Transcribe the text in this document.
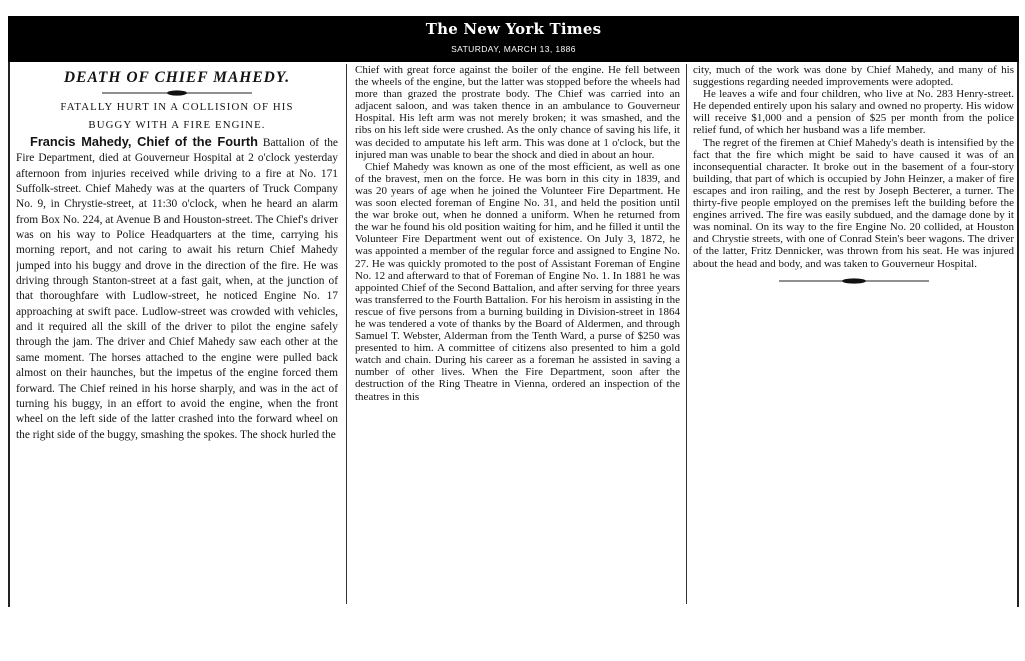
The New York Times
SATURDAY, MARCH 13, 1886
DEATH OF CHIEF MAHEDY.
FATALLY HURT IN A COLLISION OF HIS
BUGGY WITH A FIRE ENGINE.

Francis Mahedy, Chief of the Fourth Battalion of the Fire Department, died at Gouverneur Hospital at 2 o'clock yesterday afternoon from injuries received while driving to a fire at No. 171 Suffolk-street. Chief Mahedy was at the quarters of Truck Company No. 9, in Chrystie-street, at 11:30 o'clock, when he heard an alarm from Box No. 224, at Avenue B and Houston-street. The Chief's driver was on his way to Police Headquarters at the time, carrying his morning report, and not caring to await his return Chief Mahedy jumped into his buggy and drove in the direction of the fire. He was driving through Stanton-street at a fast gait, when, at the junction of that thoroughfare with Ludlow-street, he noticed Engine No. 17 approaching at swift pace. Ludlow-street was crowded with vehicles, and it required all the skill of the driver to pilot the engine safely through the jam. The driver and Chief Mahedy saw each other at the same moment. The horses attached to the engine were pulled back almost on their haunches, but the impetus of the engine forced them forward. The Chief reined in his horse sharply, and was in the act of turning his buggy, in an effort to avoid the engine, when the front wheel on the left side of the latter crashed into the forward wheel on the right side of the buggy, smashing the spokes. The shock hurled the

Chief with great force against the boiler of the engine. He fell between the wheels of the engine, but the latter was stopped before the wheels had more than grazed the prostrate body. The Chief was carried into an adjacent saloon, and was taken thence in an ambulance to Gouverneur Hospital. His left arm was not merely broken; it was smashed, and the ribs on his left side were crushed. As the only chance of saving his life, it was decided to amputate his left arm. This was done at 1 o'clock, but the injured man was unable to bear the shock and died in about an hour.

Chief Mahedy was known as one of the most efficient, as well as one of the bravest, men on the force. He was born in this city in 1839, and was 20 years of age when he joined the Volunteer Fire Department. He was soon elected foreman of Engine No. 31, and held the position until the war broke out, when he donned a uniform. When he returned from the war he found his old position waiting for him, and he filled it until the Volunteer Fire Department went out of existence. On July 3, 1872, he was appointed a member of the regular force and assigned to Engine No. 27. He was quickly promoted to the post of Assistant Foreman of Engine No. 12 and afterward to that of Foreman of Engine No. 1. In 1881 he was appointed Chief of the Second Battalion, and after serving for three years was transferred to the Fourth Battalion. For his heroism in assisting in the rescue of five persons from a burning building in Division-street in 1864 he was tendered a vote of thanks by the Board of Aldermen, and through Samuel T. Webster, Alderman from the Tenth Ward, a purse of $250 was presented to him. A committee of citizens also presented to him a gold watch and chain. During his career as a foreman he assisted in saving a number of other lives. When the Fire Department, soon after the destruction of the Ring Theatre in Vienna, ordered an inspection of the theatres in this

city, much of the work was done by Chief Mahedy, and many of his suggestions regarding needed improvements were adopted.

He leaves a wife and four children, who live at No. 283 Henry-street. He depended entirely upon his salary and owned no property. His widow will receive $1,000 and a pension of $25 per month from the police relief fund, of which her husband was a life member.

The regret of the firemen at Chief Mahedy's death is intensified by the fact that the fire which might be said to have caused it was of an inconsequential character. It broke out in the basement of a four-story building, that part of which is occupied by John Heinzer, a maker of fire escapes and iron railing, and the rest by Joseph Becterer, a turner. The thirty-five people employed on the premises left the building before the engines arrived. The fire was easily subdued, and the damage done by it was nominal. On its way to the fire Engine No. 20 collided, at Houston and Chrystie streets, with one of Conrad Stein's beer wagons. The driver of the latter, Fritz Dennicker, was thrown from his seat. He was injured about the head and body, and was taken to Gouverneur Hospital.
